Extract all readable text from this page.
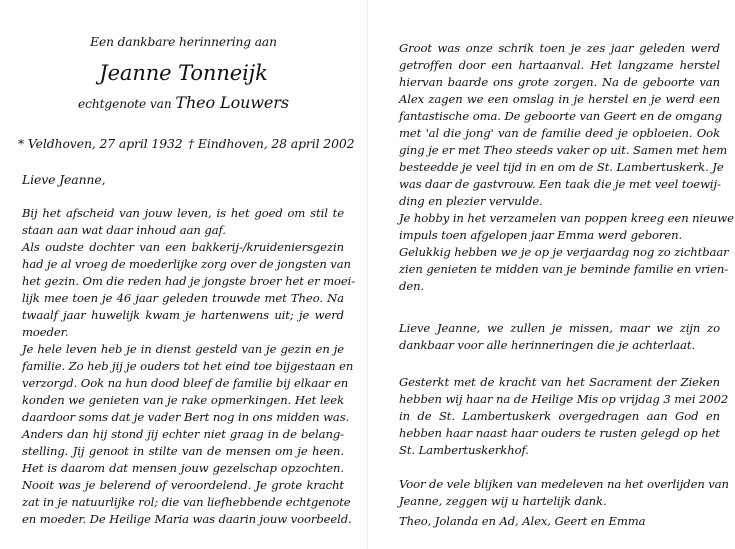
Een dankbare herinnering aan
Jeanne Tonneijk
echtgenote van Theo Louwers
* Veldhoven, 27 april 1932 † Eindhoven, 28 april 2002
Lieve Jeanne,
Bij het afscheid van jouw leven, is het goed om stil te
staan aan wat daar inhoud aan gaf.
Als oudste dochter van een bakkerij-/kruideniersgezin
had je al vroeg de moederlijke zorg over de jongsten van
het gezin. Om die reden had je jongste broer het er moei-
lijk mee toen je 46 jaar geleden trouwde met Theo. Na
twaalf jaar huwelijk kwam je hartenwens uit; je werd
moeder.
Je hele leven heb je in dienst gesteld van je gezin en je
familie. Zo heb jij je ouders tot het eind toe bijgestaan en
verzorgd. Ook na hun dood bleef de familie bij elkaar en
konden we genieten van je rake opmerkingen. Het leek
daardoor soms dat je vader Bert nog in ons midden was.
Anders dan hij stond jij echter niet graag in de belang-
stelling. Jij genoot in stilte van de mensen om je heen.
Het is daarom dat mensen jouw gezelschap opzochten.
Nooit was je belerend of veroordelend. Je grote kracht
zat in je natuurlijke rol; die van liefhebbende echtgenote
en moeder. De Heilige Maria was daarin jouw voorbeeld.
Groot was onze schrik toen je zes jaar geleden werd
getroffen door een hartaanval. Het langzame herstel
hiervan baarde ons grote zorgen. Na de geboorte van
Alex zagen we een omslag in je herstel en je werd een
fantastische oma. De geboorte van Geert en de omgang
met 'al die jong' van de familie deed je opbloeien. Ook
ging je er met Theo steeds vaker op uit. Samen met hem
besteedde je veel tijd in en om de St. Lambertuskerk. Je
was daar de gastvrouw. Een taak die je met veel toewij-
ding en plezier vervulde.
Je hobby in het verzamelen van poppen kreeg een nieuwe
impuls toen afgelopen jaar Emma werd geboren.
Gelukkig hebben we je op je verjaardag nog zo zichtbaar
zien genieten te midden van je beminde familie en vrien-
den.
Lieve Jeanne, we zullen je missen, maar we zijn zo
dankbaar voor alle herinneringen die je achterlaat.
Gesterkt met de kracht van het Sacrament der Zieken
hebben wij haar na de Heilige Mis op vrijdag 3 mei 2002
in de St. Lambertuskerk overgedragen aan God en
hebben haar naast haar ouders te rusten gelegd op het
St. Lambertuskerkhof.
Voor de vele blijken van medeleven na het overlijden van
Jeanne, zeggen wij u hartelijk dank.
Theo, Jolanda en Ad, Alex, Geert en Emma
